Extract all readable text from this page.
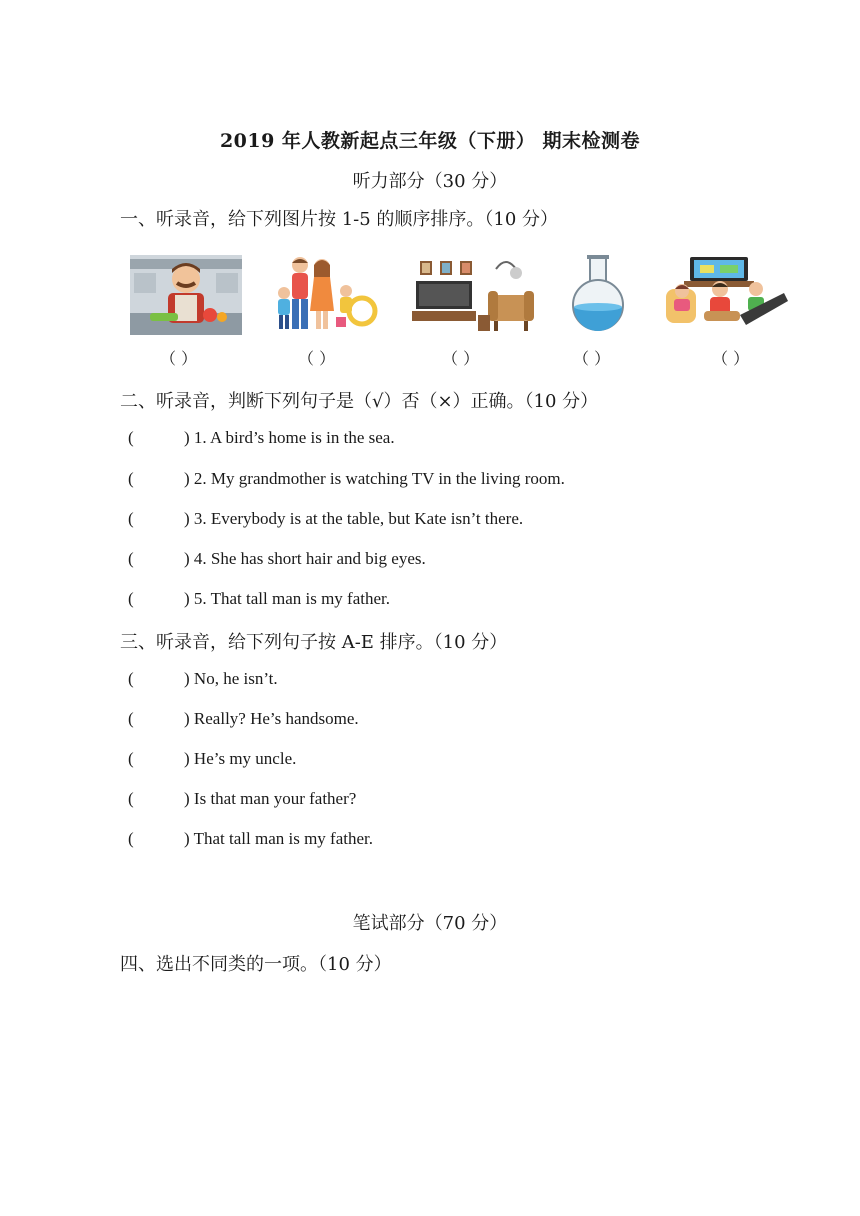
2019 年人教新起点三年级（下册） 期末检测卷
听力部分（30 分）
一、听录音，给下列图片按 1-5 的顺序排序。（10 分）
（ ）	（ ）	（ ）	（ ）	（ ）
二、听录音，判断下列句子是（√）否（×）正确。（10 分）
(	) 1. A bird’s home is in the sea.
(	) 2. My grandmother is watching TV in the living room.
(	) 3. Everybody is at the table, but Kate isn’t there.
(	) 4. She has short hair and big eyes.
(	) 5. That tall man is my father.
三、听录音，给下列句子按 A-E 排序。（10 分）
(	) No, he isn’t.
(	) Really? He’s handsome.
(	) He’s my uncle.
(	) Is that man your father?
(	) That tall man is my father.
笔试部分（70 分）
四、选出不同类的一项。（10 分）
